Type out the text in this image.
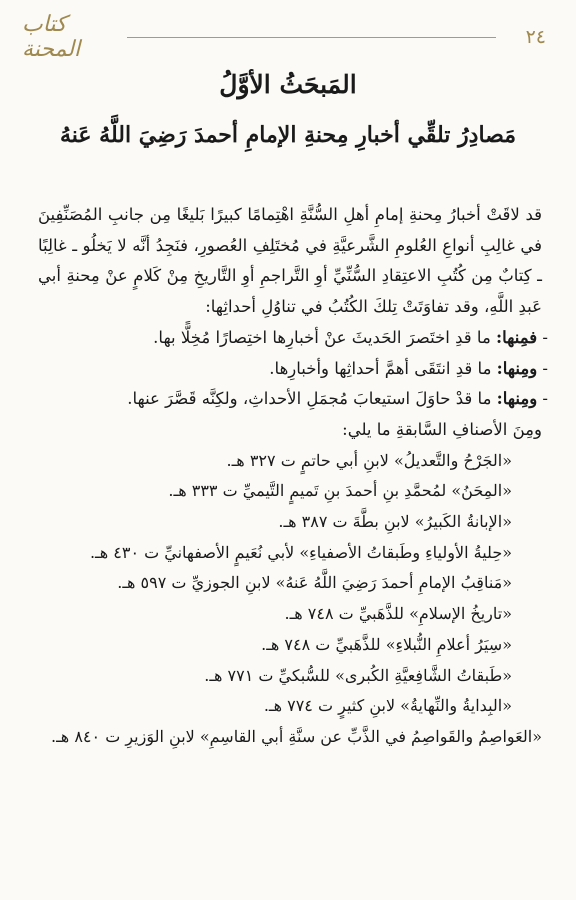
٢٤
كتاب المحنة
المَبحَثُ الأوَّلُ
مَصادِرُ تلقِّي أخبارِ مِحنةِ الإمامِ أحمدَ رَضِيَ اللَّهُ عَنهُ

قد لاقَتْ أخبارُ مِحنةِ إمامِ أهلِ السُّنَّةِ اهْتِمامًا كبيرًا بَليغًا مِن جانبِ المُصَنِّفِينَ في غالِبِ أنواعِ العُلومِ الشَّرعيَّةِ في مُختَلِفِ العُصورِ، فنَجِدُ أنَّه لا يَخلُو ـ غالِبًا ـ كِتابٌ مِن كُتُبِ الاعتِقادِ السُّنِّيِّ أوِ التَّراجمِ أوِ التَّاريخِ مِنْ كَلامٍ عنْ مِحنةِ أبي عَبدِ اللَّهِ، وقد تفاوَتَتْ تِلكَ الكُتُبُ في تناوُلِ أحداثِها:

- فمِنها: ما قدِ اختَصرَ الحَديثَ عنْ أخبارِها اختِصارًا مُخِلًّا بها.
- ومِنها: ما قدِ انتَقَى أهمَّ أحداثِها وأخبارِها.
- ومِنها: ما قدْ حاوَلَ استيعابَ مُجمَلِ الأحداثِ، ولكِنَّه قَصَّرَ عنها.

ومِنَ الأصنافِ السَّابقةِ ما يلي:

«الجَرْحُ والتَّعديلُ» لابنِ أبي حاتمٍ ت ٣٢٧ هـ.
«المِحَنُ» لمُحمَّدِ بنِ أحمدَ بنِ تَميمٍ التَّيميِّ ت ٣٣٣ هـ.
«الإبانةُ الكَبيرُ» لابنِ بطَّةَ ت ٣٨٧ هـ.
«حِليةُ الأولياءِ وطَبقاتُ الأصفياءِ» لأبي نُعَيمٍ الأصفهانيِّ ت ٤٣٠ هـ.
«مَناقِبُ الإمامِ أحمدَ رَضِيَ اللَّهُ عَنهُ» لابنِ الجوزيِّ ت ٥٩٧ هـ.
«تاريخُ الإسلامِ» للذَّهَبيِّ ت ٧٤٨ هـ.
«سِيَرُ أعلامِ النُّبلاءِ» للذَّهَبيِّ ت ٧٤٨ هـ.
«طَبقاتُ الشَّافِعيَّةِ الكُبرى» للسُّبكيِّ ت ٧٧١ هـ.
«البِدايةُ والنِّهايةُ» لابنِ كثيرٍ ت ٧٧٤ هـ.
«العَواصِمُ والقَواصِمُ في الذَّبِّ عن سنَّةِ أبي القاسِمِ» لابنِ الوَزيرِ ت ٨٤٠ هـ.
